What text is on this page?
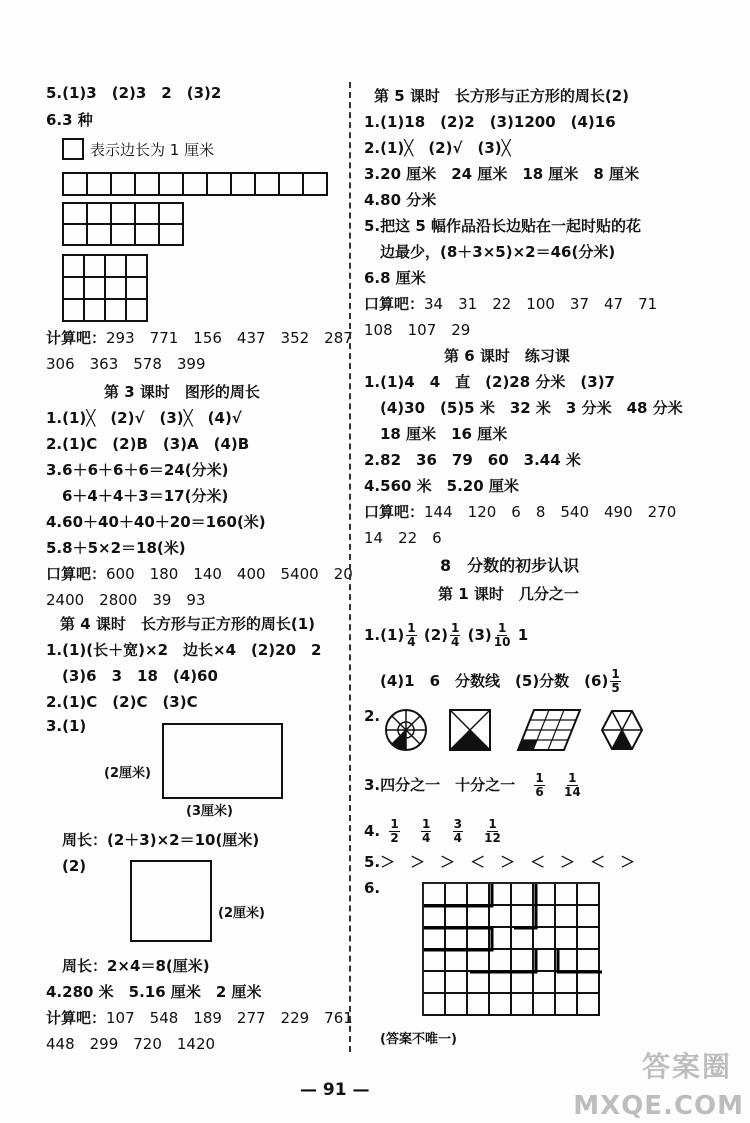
5.(1)3　(2)3　2　(3)2
6.3 种
表示边长为 1 厘米
计算吧：293　771　156　437　352　287
306　363　578　399
第 3 课时　图形的周长
1.(1)╳　(2)√　(3)╳　(4)√
2.(1)C　(2)B　(3)A　(4)B
3.6＋6＋6＋6＝24(分米)
6＋4＋4＋3＝17(分米)
4.60＋40＋40＋20＝160(米)
5.8＋5×2＝18(米)
口算吧：600　180　140　400　5400　20
2400　2800　39　93
第 4 课时　长方形与正方形的周长(1)
1.(1)(长＋宽)×2　边长×4　(2)20　2
(3)6　3　18　(4)60
2.(1)C　(2)C　(3)C
3.(1)
(2厘米)
(3厘米)
周长：(2＋3)×2＝10(厘米)
(2)
(2厘米)
周长：2×4＝8(厘米)
4.280 米　5.16 厘米　2 厘米
计算吧：107　548　189　277　229　761
448　299　720　1420
第 5 课时　长方形与正方形的周长(2)
1.(1)18　(2)2　(3)1200　(4)16
2.(1)╳　(2)√　(3)╳
3.20 厘米　24 厘米　18 厘米　8 厘米
4.80 分米
5.把这 5 幅作品沿长边贴在一起时贴的花
边最少，(8＋3×5)×2＝46(分米)
6.8 厘米
口算吧：34　31　22　100　37　47　71
108　107　29
第 6 课时　练习课
1.(1)4　4　直　(2)28 分米　(3)7
(4)30　(5)5 米　32 米　3 分米　48 分米
18 厘米　16 厘米
2.82　36　79　60　3.44 米
4.560 米　5.20 厘米
口算吧：144　120　6　8　540　490　270
14　22　6
8　分数的初步认识
第 1 课时　几分之一
$1.(1) \frac{1}{4} (2) \frac{1}{4} (3) \frac{1}{10} 1$
(4)1　6　分数线　(5)分数　$(6) \frac{1}{5}$
2.
3.四分之一　十分之一 $\frac{1}{6}$
$\frac{1}{14}$
4. $\frac{1}{2}$
$\frac{1}{4}$
$\frac{3}{4}$
$\frac{1}{12}$
5.＞　＞　＞　＜　＞　＜　＞　＜　＞
6.
(答案不唯一)
— 91 —
答案圈
MXQE.COM
